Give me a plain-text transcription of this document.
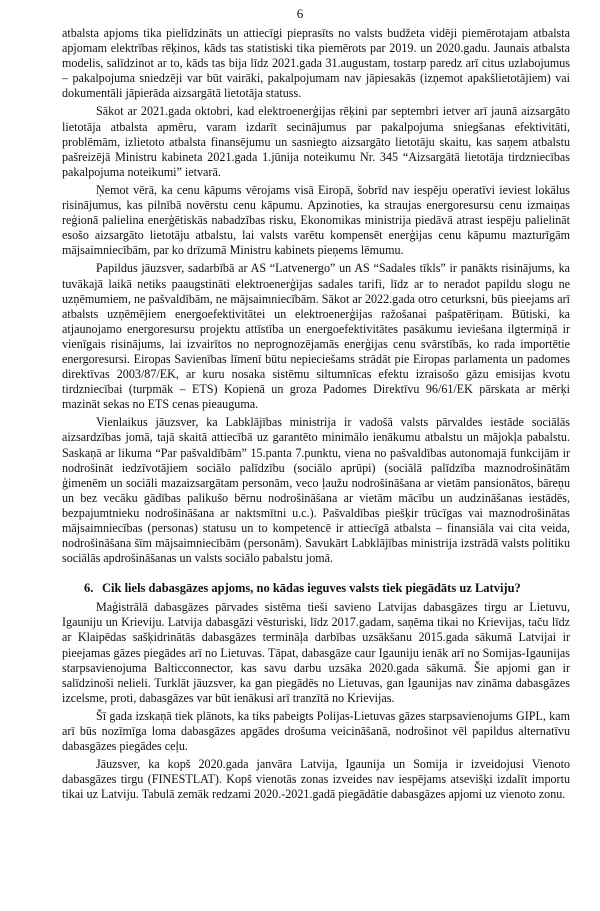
6

atbalsta apjoms tika pielīdzināts un attiecīgi pieprasīts no valsts budžeta vidēji piemērotajam atbalsta apjomam elektrības rēķinos, kāds tas statistiski tika piemērots par 2019. un 2020.gadu. Jaunais atbalsta modelis, salīdzinot ar to, kāds tas bija līdz 2021.gada 31.augustam, tostarp paredz arī citus uzlabojumus – pakalpojuma sniedzēji var būt vairāki, pakalpojumam nav jāpiesakās (izņemot apakšlietotājiem) vai dokumentāli jāpierāda aizsargātā lietotāja statuss.

Sākot ar 2021.gada oktobri, kad elektroenerģijas rēķini par septembri ietver arī jaunā aizsargāto lietotāja atbalsta apmēru, varam izdarīt secinājumus par pakalpojuma sniegšanas efektivitāti, problēmām, izlietoto atbalsta finansējumu un sasniegto aizsargāto lietotāju skaitu, kas saņem atbalstu pašreizējā Ministru kabineta 2021.gada 1.jūnija noteikumu Nr. 345 “Aizsargātā lietotāja tirdzniecības pakalpojuma noteikumi” ietvarā.

Ņemot vērā, ka cenu kāpums vērojams visā Eiropā, šobrīd nav iespēju operatīvi ieviest lokālus risinājumus, kas pilnībā novērstu cenu kāpumu. Apzinoties, ka straujas energoresursu cenu izmaiņas reģionā palielina enerģētiskās nabadzības risku, Ekonomikas ministrija piedāvā atrast iespēju palielināt esošo aizsargāto lietotāju atbalstu, lai valsts varētu kompensēt enerģijas cenu kāpumu mazturīgām mājsaimniecībām, par ko drīzumā Ministru kabinets pieņems lēmumu.

Papildus jāuzsver, sadarbībā ar AS “Latvenergo” un AS “Sadales tīkls” ir panākts risinājums, ka tuvākajā laikā netiks paaugstināti elektroenerģijas sadales tarifi, līdz ar to neradot papildu slogu ne uzņēmumiem, ne pašvaldībām, ne mājsaimniecībām. Sākot ar 2022.gada otro ceturksni, būs pieejams arī atbalsts uzņēmējiem energoefektivitātei un elektroenerģijas ražošanai pašpatēriņam. Būtiski, ka atjaunojamo energoresursu projektu attīstība un energoefektivitātes pasākumu ieviešana ilgtermiņā ir vienīgais risinājums, lai izvairītos no neprognozējamās enerģijas cenu svārstībās, ko rada importētie energoresursi. Eiropas Savienības līmenī būtu nepieciešams strādāt pie Eiropas parlamenta un padomes direktīvas 2003/87/EK, ar kuru nosaka sistēmu siltumnīcas efektu izraisošo gāzu emisijas kvotu tirdzniecībai (turpmāk – ETS) Kopienā un groza Padomes Direktīvu 96/61/EK pārskata ar mērķi mazināt sekas no ETS cenas pieauguma.

Vienlaikus jāuzsver, ka Labklājības ministrija ir vadošā valsts pārvaldes iestāde sociālās aizsardzības jomā, tajā skaitā attiecībā uz garantēto minimālo ienākumu atbalstu un mājokļa pabalstu. Saskaņā ar likuma “Par pašvaldībām” 15.panta 7.punktu, viena no pašvaldības autonomajā funkcijām ir nodrošināt iedzīvotājiem sociālo palīdzību (sociālo aprūpi) (sociālā palīdzība maznodrošinātām ģimenēm un sociāli mazaizsargātam personām, veco ļaužu nodrošināšana ar vietām pansionātos, bāreņu un bez vecāku gādības palikušo bērnu nodrošināšana ar vietām mācību un audzināšanas iestādēs, bezpajumtnieku nodrošināšana ar naktsmītni u.c.). Pašvaldības piešķir trūcīgas vai maznodrošinātas mājsaimniecības (personas) statusu un to kompetencē ir attiecīgā atbalsta – finansiāla vai cita veida, nodrošināšana šīm mājsaimniecībām (personām). Savukārt Labklājības ministrija izstrādā valsts politiku sociālās apdrošināšanas un valsts sociālo pabalstu jomā.

6. Cik liels dabasgāzes apjoms, no kādas ieguves valsts tiek piegādāts uz Latviju?

Maģistrālā dabasgāzes pārvades sistēma tieši savieno Latvijas dabasgāzes tirgu ar Lietuvu, Igauniju un Krieviju. Latvija dabasgāzi vēsturiski, līdz 2017.gadam, saņēma tikai no Krievijas, taču līdz ar Klaipēdas sašķidrinātās dabasgāzes termināļa darbības uzsākšanu 2015.gada sākumā Latvijai ir pieejamas gāzes piegādes arī no Lietuvas. Tāpat, dabasgāze caur Igauniju ienāk arī no Somijas-Igaunijas starpsavienojuma Balticconnector, kas savu darbu uzsāka 2020.gada sākumā. Šie apjomi gan ir salīdzinoši nelieli. Turklāt jāuzsver, ka gan piegādēs no Lietuvas, gan Igaunijas nav zināma dabasgāzes izcelsme, proti, dabasgāzes var būt ienākusi arī tranzītā no Krievijas.

Šī gada izskaņā tiek plānots, ka tiks pabeigts Polijas-Lietuvas gāzes starpsavienojums GIPL, kam arī būs nozīmīga loma dabasgāzes apgādes drošuma veicināšanā, nodrošinot vēl papildus alternatīvu dabasgāzes piegādes ceļu.

Jāuzsver, ka kopš 2020.gada janvāra Latvija, Igaunija un Somija ir izveidojusi Vienoto dabasgāzes tirgu (FINESTLAT). Kopš vienotās zonas izveides nav iespējams atsevišķi izdalīt importu tikai uz Latviju. Tabulā zemāk redzami 2020.-2021.gadā piegādātie dabasgāzes apjomi uz vienoto zonu.
